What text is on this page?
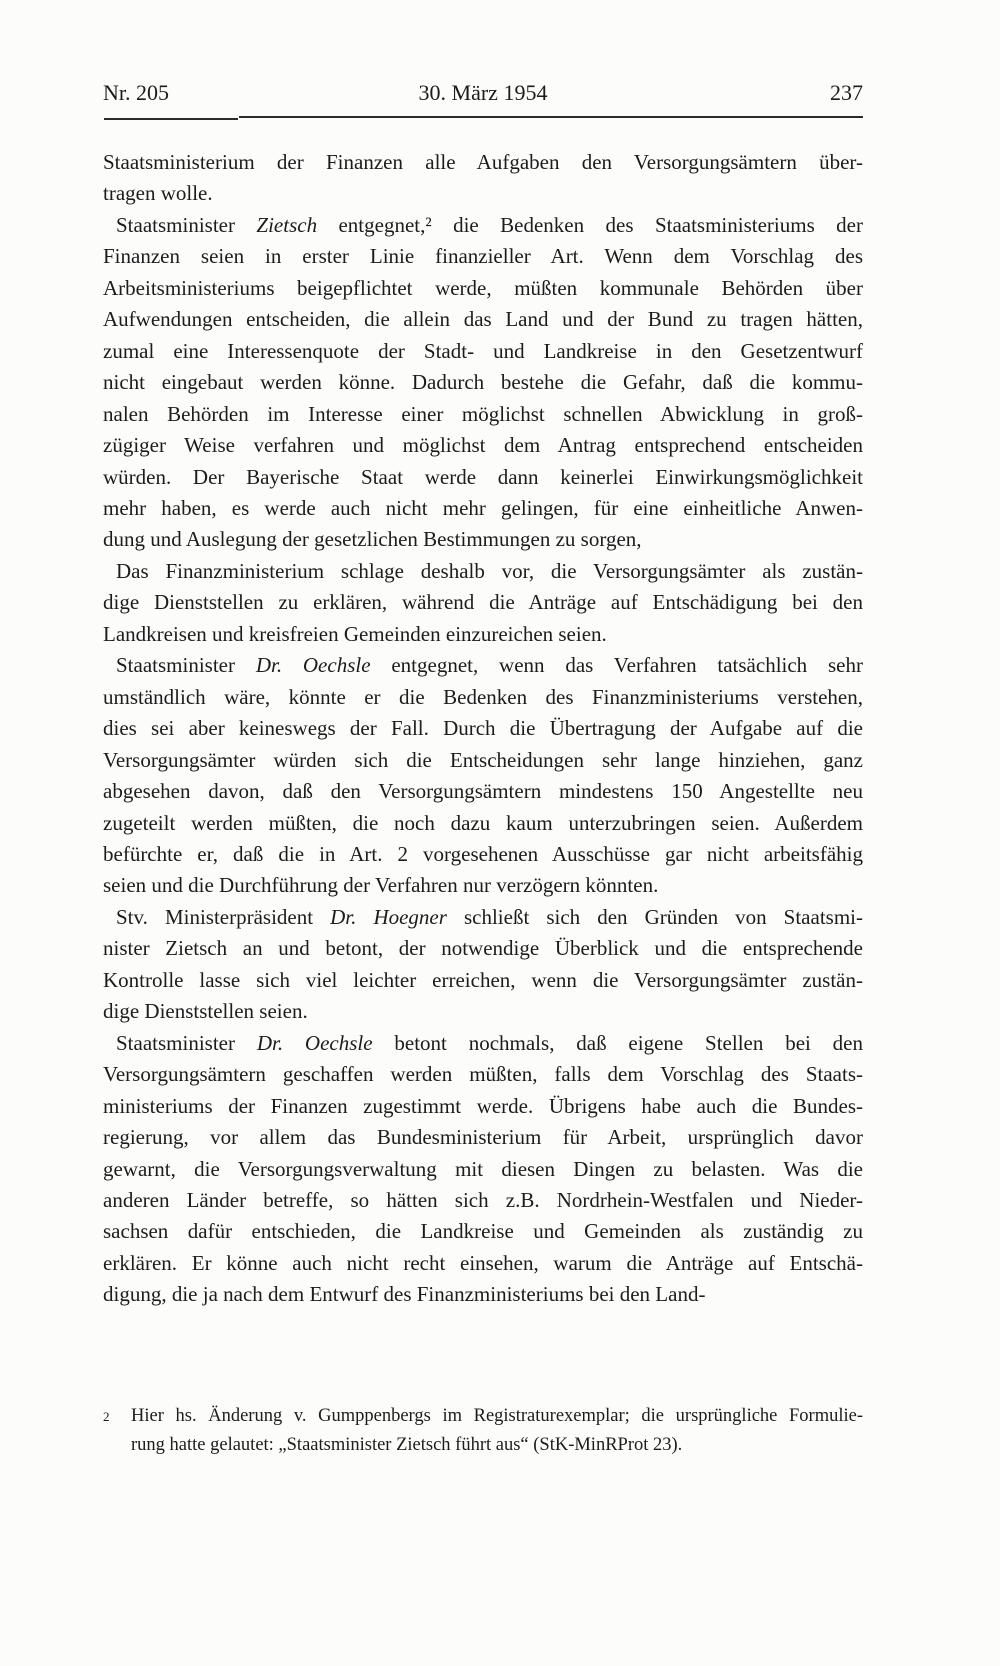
Nr. 205	30. März 1954	237
Staatsministerium der Finanzen alle Aufgaben den Versorgungsämtern über-
tragen wolle.
Staatsminister Zietsch entgegnet,² die Bedenken des Staatsministeriums der
Finanzen seien in erster Linie finanzieller Art. Wenn dem Vorschlag des
Arbeitsministeriums beigepflichtet werde, müßten kommunale Behörden über
Aufwendungen entscheiden, die allein das Land und der Bund zu tragen hätten,
zumal eine Interessenquote der Stadt- und Landkreise in den Gesetzentwurf
nicht eingebaut werden könne. Dadurch bestehe die Gefahr, daß die kommu-
nalen Behörden im Interesse einer möglichst schnellen Abwicklung in groß-
zügiger Weise verfahren und möglichst dem Antrag entsprechend entscheiden
würden. Der Bayerische Staat werde dann keinerlei Einwirkungsmöglichkeit
mehr haben, es werde auch nicht mehr gelingen, für eine einheitliche Anwen-
dung und Auslegung der gesetzlichen Bestimmungen zu sorgen,
Das Finanzministerium schlage deshalb vor, die Versorgungsämter als zustän-
dige Dienststellen zu erklären, während die Anträge auf Entschädigung bei den
Landkreisen und kreisfreien Gemeinden einzureichen seien.
Staatsminister Dr. Oechsle entgegnet, wenn das Verfahren tatsächlich sehr
umständlich wäre, könnte er die Bedenken des Finanzministeriums verstehen,
dies sei aber keineswegs der Fall. Durch die Übertragung der Aufgabe auf die
Versorgungsämter würden sich die Entscheidungen sehr lange hinziehen, ganz
abgesehen davon, daß den Versorgungsämtern mindestens 150 Angestellte neu
zugeteilt werden müßten, die noch dazu kaum unterzubringen seien. Außerdem
befürchte er, daß die in Art. 2 vorgesehenen Ausschüsse gar nicht arbeitsfähig
seien und die Durchführung der Verfahren nur verzögern könnten.
Stv. Ministerpräsident Dr. Hoegner schließt sich den Gründen von Staatsmi-
nister Zietsch an und betont, der notwendige Überblick und die entsprechende
Kontrolle lasse sich viel leichter erreichen, wenn die Versorgungsämter zustän-
dige Dienststellen seien.
Staatsminister Dr. Oechsle betont nochmals, daß eigene Stellen bei den
Versorgungsämtern geschaffen werden müßten, falls dem Vorschlag des Staats-
ministeriums der Finanzen zugestimmt werde. Übrigens habe auch die Bundes-
regierung, vor allem das Bundesministerium für Arbeit, ursprünglich davor
gewarnt, die Versorgungsverwaltung mit diesen Dingen zu belasten. Was die
anderen Länder betreffe, so hätten sich z.B. Nordrhein-Westfalen und Nieder-
sachsen dafür entschieden, die Landkreise und Gemeinden als zuständig zu
erklären. Er könne auch nicht recht einsehen, warum die Anträge auf Entschä-
digung, die ja nach dem Entwurf des Finanzministeriums bei den Land-
$^2$	Hier hs. Änderung v. Gumppenbergs im Registraturexemplar; die ursprüngliche Formulie-
rung hatte gelautet: „Staatsminister Zietsch führt aus“ (StK-MinRProt 23).
